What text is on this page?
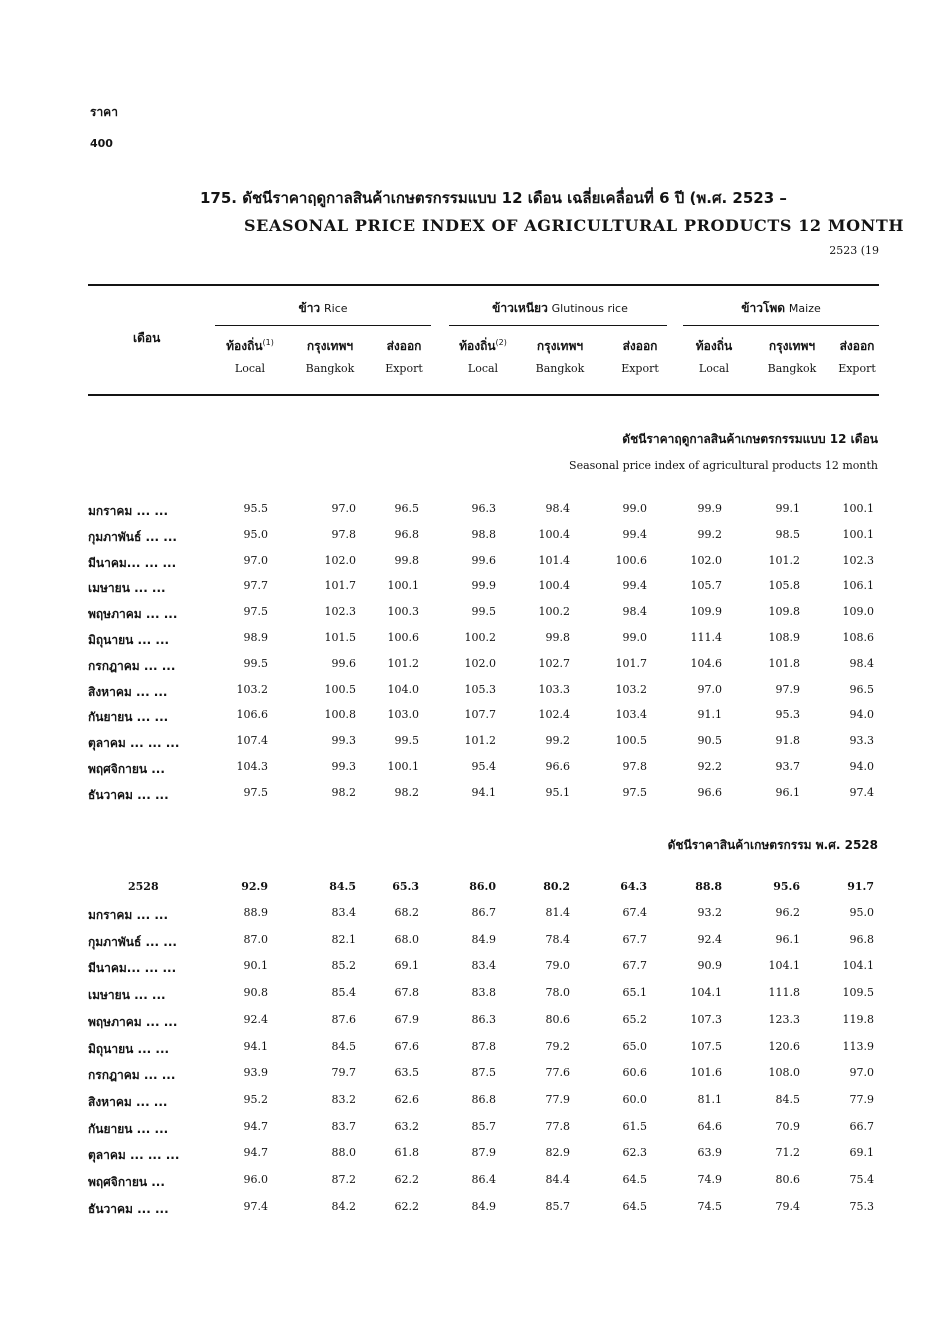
ราคา
400
175. ดัชนีราคาฤดูกาลสินค้าเกษตรกรรมแบบ 12 เดือน เฉลี่ยเคลื่อนที่ 6 ปี (พ.ศ. 2523 –
SEASONAL PRICE INDEX OF AGRICULTURAL PRODUCTS 12 MONTH
2523 (19
เดือน
ข้าว Rice	ข้าวเหนียว Glutinous rice	ข้าวโพด Maize
ท้องถิ่น$^{(1)}$
Local
กรุงเทพฯ
Bangkok
ส่งออก
Export
ท้องถิ่น$^{(2)}$
Local
กรุงเทพฯ
Bangkok
ส่งออก
Export
ท้องถิ่น
Local
กรุงเทพฯ
Bangkok
ส่งออก
Export
ดัชนีราคาฤดูกาลสินค้าเกษตรกรรมแบบ 12 เดือน
Seasonal price index of agricultural products 12 month
มกราคม ... ...	95.5	97.0	96.5	96.3	98.4	99.0	99.9	99.1	100.1
กุมภาพันธ์ ... ...	95.0	97.8	96.8	98.8	100.4	99.4	99.2	98.5	100.1
มีนาคม... ... ...	97.0	102.0	99.8	99.6	101.4	100.6	102.0	101.2	102.3
เมษายน ... ...	97.7	101.7	100.1	99.9	100.4	99.4	105.7	105.8	106.1
พฤษภาคม ... ...	97.5	102.3	100.3	99.5	100.2	98.4	109.9	109.8	109.0
มิถุนายน ... ...	98.9	101.5	100.6	100.2	99.8	99.0	111.4	108.9	108.6
กรกฎาคม ... ...	99.5	99.6	101.2	102.0	102.7	101.7	104.6	101.8	98.4
สิงหาคม ... ...	103.2	100.5	104.0	105.3	103.3	103.2	97.0	97.9	96.5
กันยายน ... ...	106.6	100.8	103.0	107.7	102.4	103.4	91.1	95.3	94.0
ตุลาคม ... ... ...	107.4	99.3	99.5	101.2	99.2	100.5	90.5	91.8	93.3
พฤศจิกายน ...	104.3	99.3	100.1	95.4	96.6	97.8	92.2	93.7	94.0
ธันวาคม ... ...	97.5	98.2	98.2	94.1	95.1	97.5	96.6	96.1	97.4
ดัชนีราคาสินค้าเกษตรกรรม พ.ศ. 2528
2528	92.9	84.5	65.3	86.0	80.2	64.3	88.8	95.6	91.7
มกราคม ... ...	88.9	83.4	68.2	86.7	81.4	67.4	93.2	96.2	95.0
กุมภาพันธ์ ... ...	87.0	82.1	68.0	84.9	78.4	67.7	92.4	96.1	96.8
มีนาคม... ... ...	90.1	85.2	69.1	83.4	79.0	67.7	90.9	104.1	104.1
เมษายน ... ...	90.8	85.4	67.8	83.8	78.0	65.1	104.1	111.8	109.5
พฤษภาคม ... ...	92.4	87.6	67.9	86.3	80.6	65.2	107.3	123.3	119.8
มิถุนายน ... ...	94.1	84.5	67.6	87.8	79.2	65.0	107.5	120.6	113.9
กรกฎาคม ... ...	93.9	79.7	63.5	87.5	77.6	60.6	101.6	108.0	97.0
สิงหาคม ... ...	95.2	83.2	62.6	86.8	77.9	60.0	81.1	84.5	77.9
กันยายน ... ...	94.7	83.7	63.2	85.7	77.8	61.5	64.6	70.9	66.7
ตุลาคม ... ... ...	94.7	88.0	61.8	87.9	82.9	62.3	63.9	71.2	69.1
พฤศจิกายน ...	96.0	87.2	62.2	86.4	84.4	64.5	74.9	80.6	75.4
ธันวาคม ... ...	97.4	84.2	62.2	84.9	85.7	64.5	74.5	79.4	75.3
